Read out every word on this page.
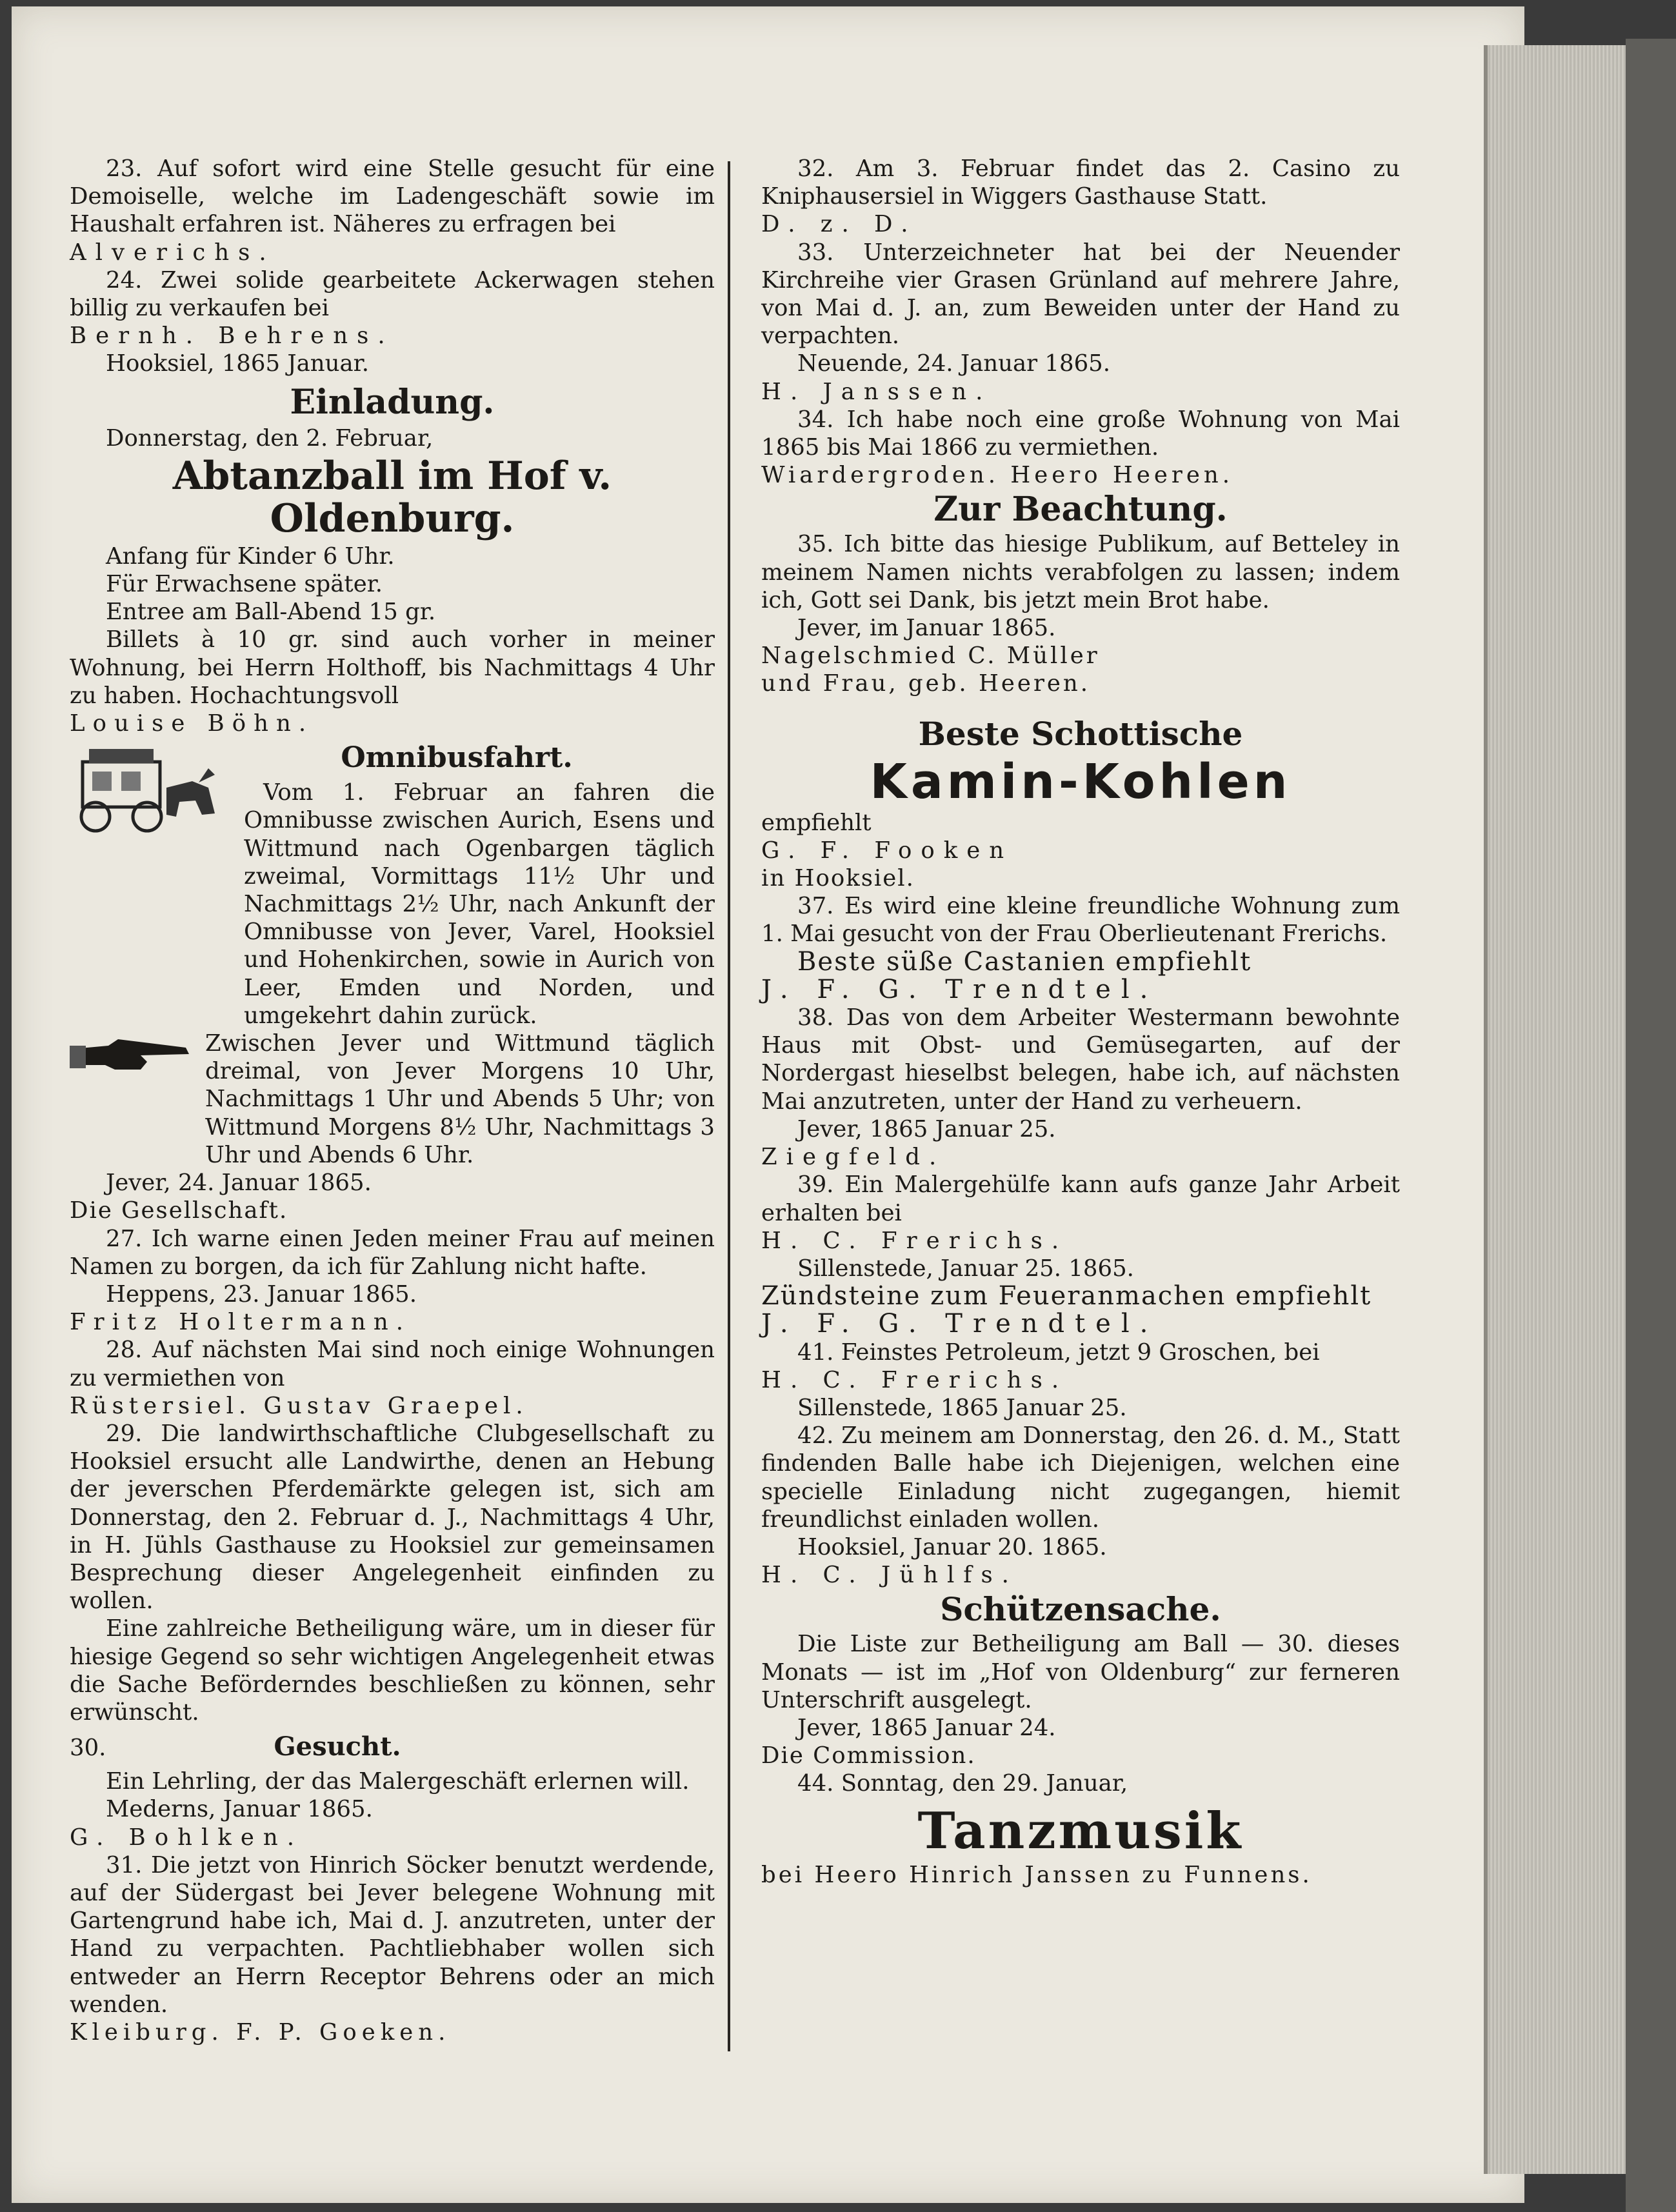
23. Auf sofort wird eine Stelle gesucht für eine Demoiselle, welche im Ladengeschäft sowie im Haushalt erfahren ist. Näheres zu erfragen bei

Alverichs.

24. Zwei solide gearbeitete Ackerwagen stehen billig zu verkaufen bei

Bernh. Behrens.

Hooksiel, 1865 Januar.

Einladung.

Donnerstag, den 2. Februar,

Abtanzball im Hof v. Oldenburg.

Anfang für Kinder 6 Uhr.

Für Erwachsene später.

Entree am Ball-Abend 15 gr.

Billets à 10 gr. sind auch vorher in meiner Wohnung, bei Herrn Holthoff, bis Nachmittags 4 Uhr zu haben. Hochachtungsvoll

Louise Böhn.

Omnibusfahrt.

Vom 1. Februar an fahren die Omnibusse zwischen Aurich, Esens und Wittmund nach Ogenbargen täglich zweimal, Vormittags 11½ Uhr und Nachmittags 2½ Uhr, nach Ankunft der Omnibusse von Jever, Varel, Hooksiel und Hohenkirchen, sowie in Aurich von Leer, Emden und Norden, und umgekehrt dahin zurück.

Zwischen Jever und Wittmund täglich dreimal, von Jever Morgens 10 Uhr, Nachmittags 1 Uhr und Abends 5 Uhr; von Wittmund Morgens 8½ Uhr, Nachmittags 3 Uhr und Abends 6 Uhr.

Jever, 24. Januar 1865.

Die Gesellschaft.

27. Ich warne einen Jeden meiner Frau auf meinen Namen zu borgen, da ich für Zahlung nicht hafte.

Heppens, 23. Januar 1865.

Fritz Holtermann.

28. Auf nächsten Mai sind noch einige Wohnungen zu vermiethen von

Rüstersiel. Gustav Graepel.

29. Die landwirthschaftliche Clubgesellschaft zu Hooksiel ersucht alle Landwirthe, denen an Hebung der jeverschen Pferdemärkte gelegen ist, sich am Donnerstag, den 2. Februar d. J., Nachmittags 4 Uhr, in H. Jühls Gasthause zu Hooksiel zur gemeinsamen Besprechung dieser Angelegenheit einfinden zu wollen.

Eine zahlreiche Betheiligung wäre, um in dieser für hiesige Gegend so sehr wichtigen Angelegenheit etwas die Sache Beförderndes beschließen zu können, sehr erwünscht.

30.	Gesucht.

Ein Lehrling, der das Malergeschäft erlernen will.

Mederns, Januar 1865.

G. Bohlken.

31. Die jetzt von Hinrich Söcker benutzt werdende, auf der Südergast bei Jever belegene Wohnung mit Gartengrund habe ich, Mai d. J. anzutreten, unter der Hand zu verpachten. Pachtliebhaber wollen sich entweder an Herrn Receptor Behrens oder an mich wenden.

Kleiburg. F. P. Goeken.

32. Am 3. Februar findet das 2. Casino zu Kniphausersiel in Wiggers Gasthause Statt.

D. z. D.

33. Unterzeichneter hat bei der Neuender Kirchreihe vier Grasen Grünland auf mehrere Jahre, von Mai d. J. an, zum Beweiden unter der Hand zu verpachten.

Neuende, 24. Januar 1865.

H. Janssen.

34. Ich habe noch eine große Wohnung von Mai 1865 bis Mai 1866 zu vermiethen.

Wiardergroden. Heero Heeren.

Zur Beachtung.

35. Ich bitte das hiesige Publikum, auf Betteley in meinem Namen nichts verabfolgen zu lassen; indem ich, Gott sei Dank, bis jetzt mein Brot habe.

Jever, im Januar 1865.

Nagelschmied C. Müller

und Frau, geb. Heeren.

Beste Schottische
Kamin-Kohlen

empfiehlt

G. F. Fooken

in Hooksiel.

37. Es wird eine kleine freundliche Wohnung zum 1. Mai gesucht von der Frau Oberlieutenant Frerichs.

Beste süße Castanien empfiehlt

J. F. G. Trendtel.

38. Das von dem Arbeiter Westermann bewohnte Haus mit Obst- und Gemüsegarten, auf der Nordergast hieselbst belegen, habe ich, auf nächsten Mai anzutreten, unter der Hand zu verheuern.

Jever, 1865 Januar 25.

Ziegfeld.

39. Ein Malergehülfe kann aufs ganze Jahr Arbeit erhalten bei

H. C. Frerichs.

Sillenstede, Januar 25. 1865.

Zündsteine zum Feueranmachen empfiehlt

J. F. G. Trendtel.

41. Feinstes Petroleum, jetzt 9 Groschen, bei

H. C. Frerichs.

Sillenstede, 1865 Januar 25.

42. Zu meinem am Donnerstag, den 26. d. M., Statt findenden Balle habe ich Diejenigen, welchen eine specielle Einladung nicht zugegangen, hiemit freundlichst einladen wollen.

Hooksiel, Januar 20. 1865.

H. C. Jühlfs.

Schützensache.

Die Liste zur Betheiligung am Ball — 30. dieses Monats — ist im „Hof von Oldenburg“ zur ferneren Unterschrift ausgelegt.

Jever, 1865 Januar 24.

Die Commission.

44. Sonntag, den 29. Januar,

Tanzmusik

bei Heero Hinrich Janssen zu Funnens.
